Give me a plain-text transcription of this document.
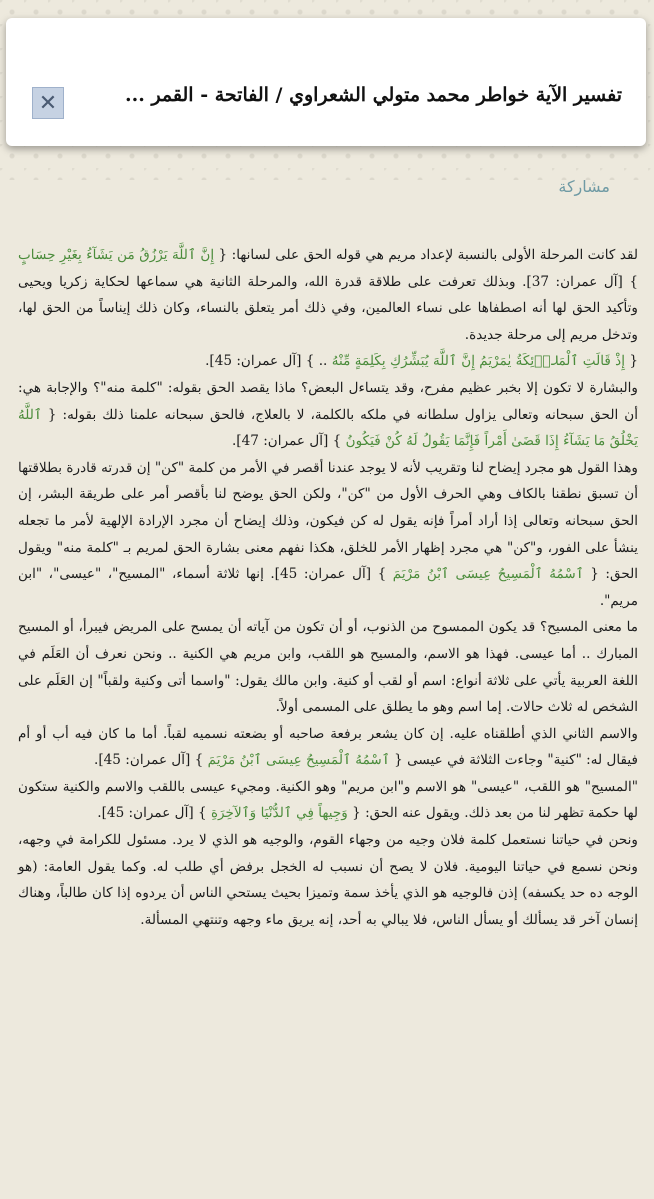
تفسير الآية خواطر محمد متولي الشعراوي / الفاتحة - القمر ...
✕
مشاركة

لقد كانت المرحلة الأولى بالنسبة لإعداد مريم هي قوله الحق على لسانها: { إِنَّ ٱللَّهَ يَرْزُقُ مَن يَشَآءُ بِغَيْرِ حِسَابٍ } [آل عمران: 37]. وبذلك تعرفت على طلاقة قدرة الله، والمرحلة الثانية هي سماعها لحكاية زكريا ويحيى وتأكيد الحق لها أنه اصطفاها على نساء العالمين، وفي ذلك أمر يتعلق بالنساء، وكان ذلك إيناساً من الحق لها، وتدخل مريم إلى مرحلة جديدة.

{ إِذْ قَالَتِ ٱلْمَلاۤئِكَةُ يٰمَرْيَمُ إِنَّ ٱللَّهَ يُبَشِّرُكِ بِكَلِمَةٍ مِّنْهُ .. } [آل عمران: 45].

والبشارة لا تكون إلا بخبر عظيم مفرح، وقد يتساءل البعض؟ ماذا يقصد الحق بقوله: "كلمة منه"؟ والإجابة هي: أن الحق سبحانه وتعالى يزاول سلطانه في ملكه بالكلمة، لا بالعلاج، فالحق سبحانه علمنا ذلك بقوله: { ٱللَّهُ يَخْلُقُ مَا يَشَآءُ إِذَا قَضَىٰ أَمْراً فَإِنَّمَا يَقُولُ لَهُ كُنْ فَيَكُونُ } [آل عمران: 47].

وهذا القول هو مجرد إيضاح لنا وتقريب لأنه لا يوجد عندنا أقصر في الأمر من كلمة "كن" إن قدرته قادرة بطلاقتها أن تسبق نطقنا بالكاف وهي الحرف الأول من "كن"، ولكن الحق يوضح لنا بأقصر أمر على طريقة البشر، إن الحق سبحانه وتعالى إذا أراد أمراً فإنه يقول له كن فيكون، وذلك إيضاح أن مجرد الإرادة الإلهية لأمر ما تجعله ينشأ على الفور، و"كن" هي مجرد إظهار الأمر للخلق، هكذا نفهم معنى بشارة الحق لمريم بـ "كلمة منه" ويقول الحق: { ٱسْمُهُ ٱلْمَسِيحُ عِيسَى ٱبْنُ مَرْيَمَ } [آل عمران: 45]. إنها ثلاثة أسماء، "المسيح"، "عيسى"، "ابن مريم".

ما معنى المسيح؟ قد يكون الممسوح من الذنوب، أو أن تكون من آياته أن يمسح على المريض فيبرأ، أو المسيح المبارك .. أما عيسى. فهذا هو الاسم، والمسيح هو اللقب، وابن مريم هي الكنية .. ونحن نعرف أن العَلَم في اللغة العربية يأتي على ثلاثة أنواع: اسم أو لقب أو كنية. وابن مالك يقول: "واسما أتى وكنية ولقباً" إن العَلَم على الشخص له ثلاث حالات. إما اسم وهو ما يطلق على المسمى أولاً.

والاسم الثاني الذي أطلقناه عليه. إن كان يشعر برفعة صاحبه أو بضعته نسميه لقباً. أما ما كان فيه أب أو أم فيقال له: "كنية" وجاءت الثلاثة في عيسى { ٱسْمُهُ ٱلْمَسِيحُ عِيسَى ٱبْنُ مَرْيَمَ } [آل عمران: 45].

"المسيح" هو اللقب، "عيسى" هو الاسم و"ابن مريم" وهو الكنية. ومجيء عيسى باللقب والاسم والكنية ستكون لها حكمة تظهر لنا من بعد ذلك. ويقول عنه الحق: { وَجِيهاً فِي ٱلدُّنْيَا وَٱلآخِرَةِ } [آل عمران: 45].

ونحن في حياتنا نستعمل كلمة فلان وجيه من وجهاء القوم، والوجيه هو الذي لا يرد. مسئول للكرامة في وجهه، ونحن نسمع في حياتنا اليومية. فلان لا يصح أن نسبب له الخجل برفض أي طلب له. وكما يقول العامة: (هو الوجه ده حد يكسفه) إذن فالوجيه هو الذي يأخذ سمة وتميزا بحيث يستحي الناس أن يردوه إذا كان طالباً، وهناك إنسان آخر قد يسألك أو يسأل الناس، فلا يبالي به أحد، إنه يريق ماء وجهه وتنتهي المسألة.
